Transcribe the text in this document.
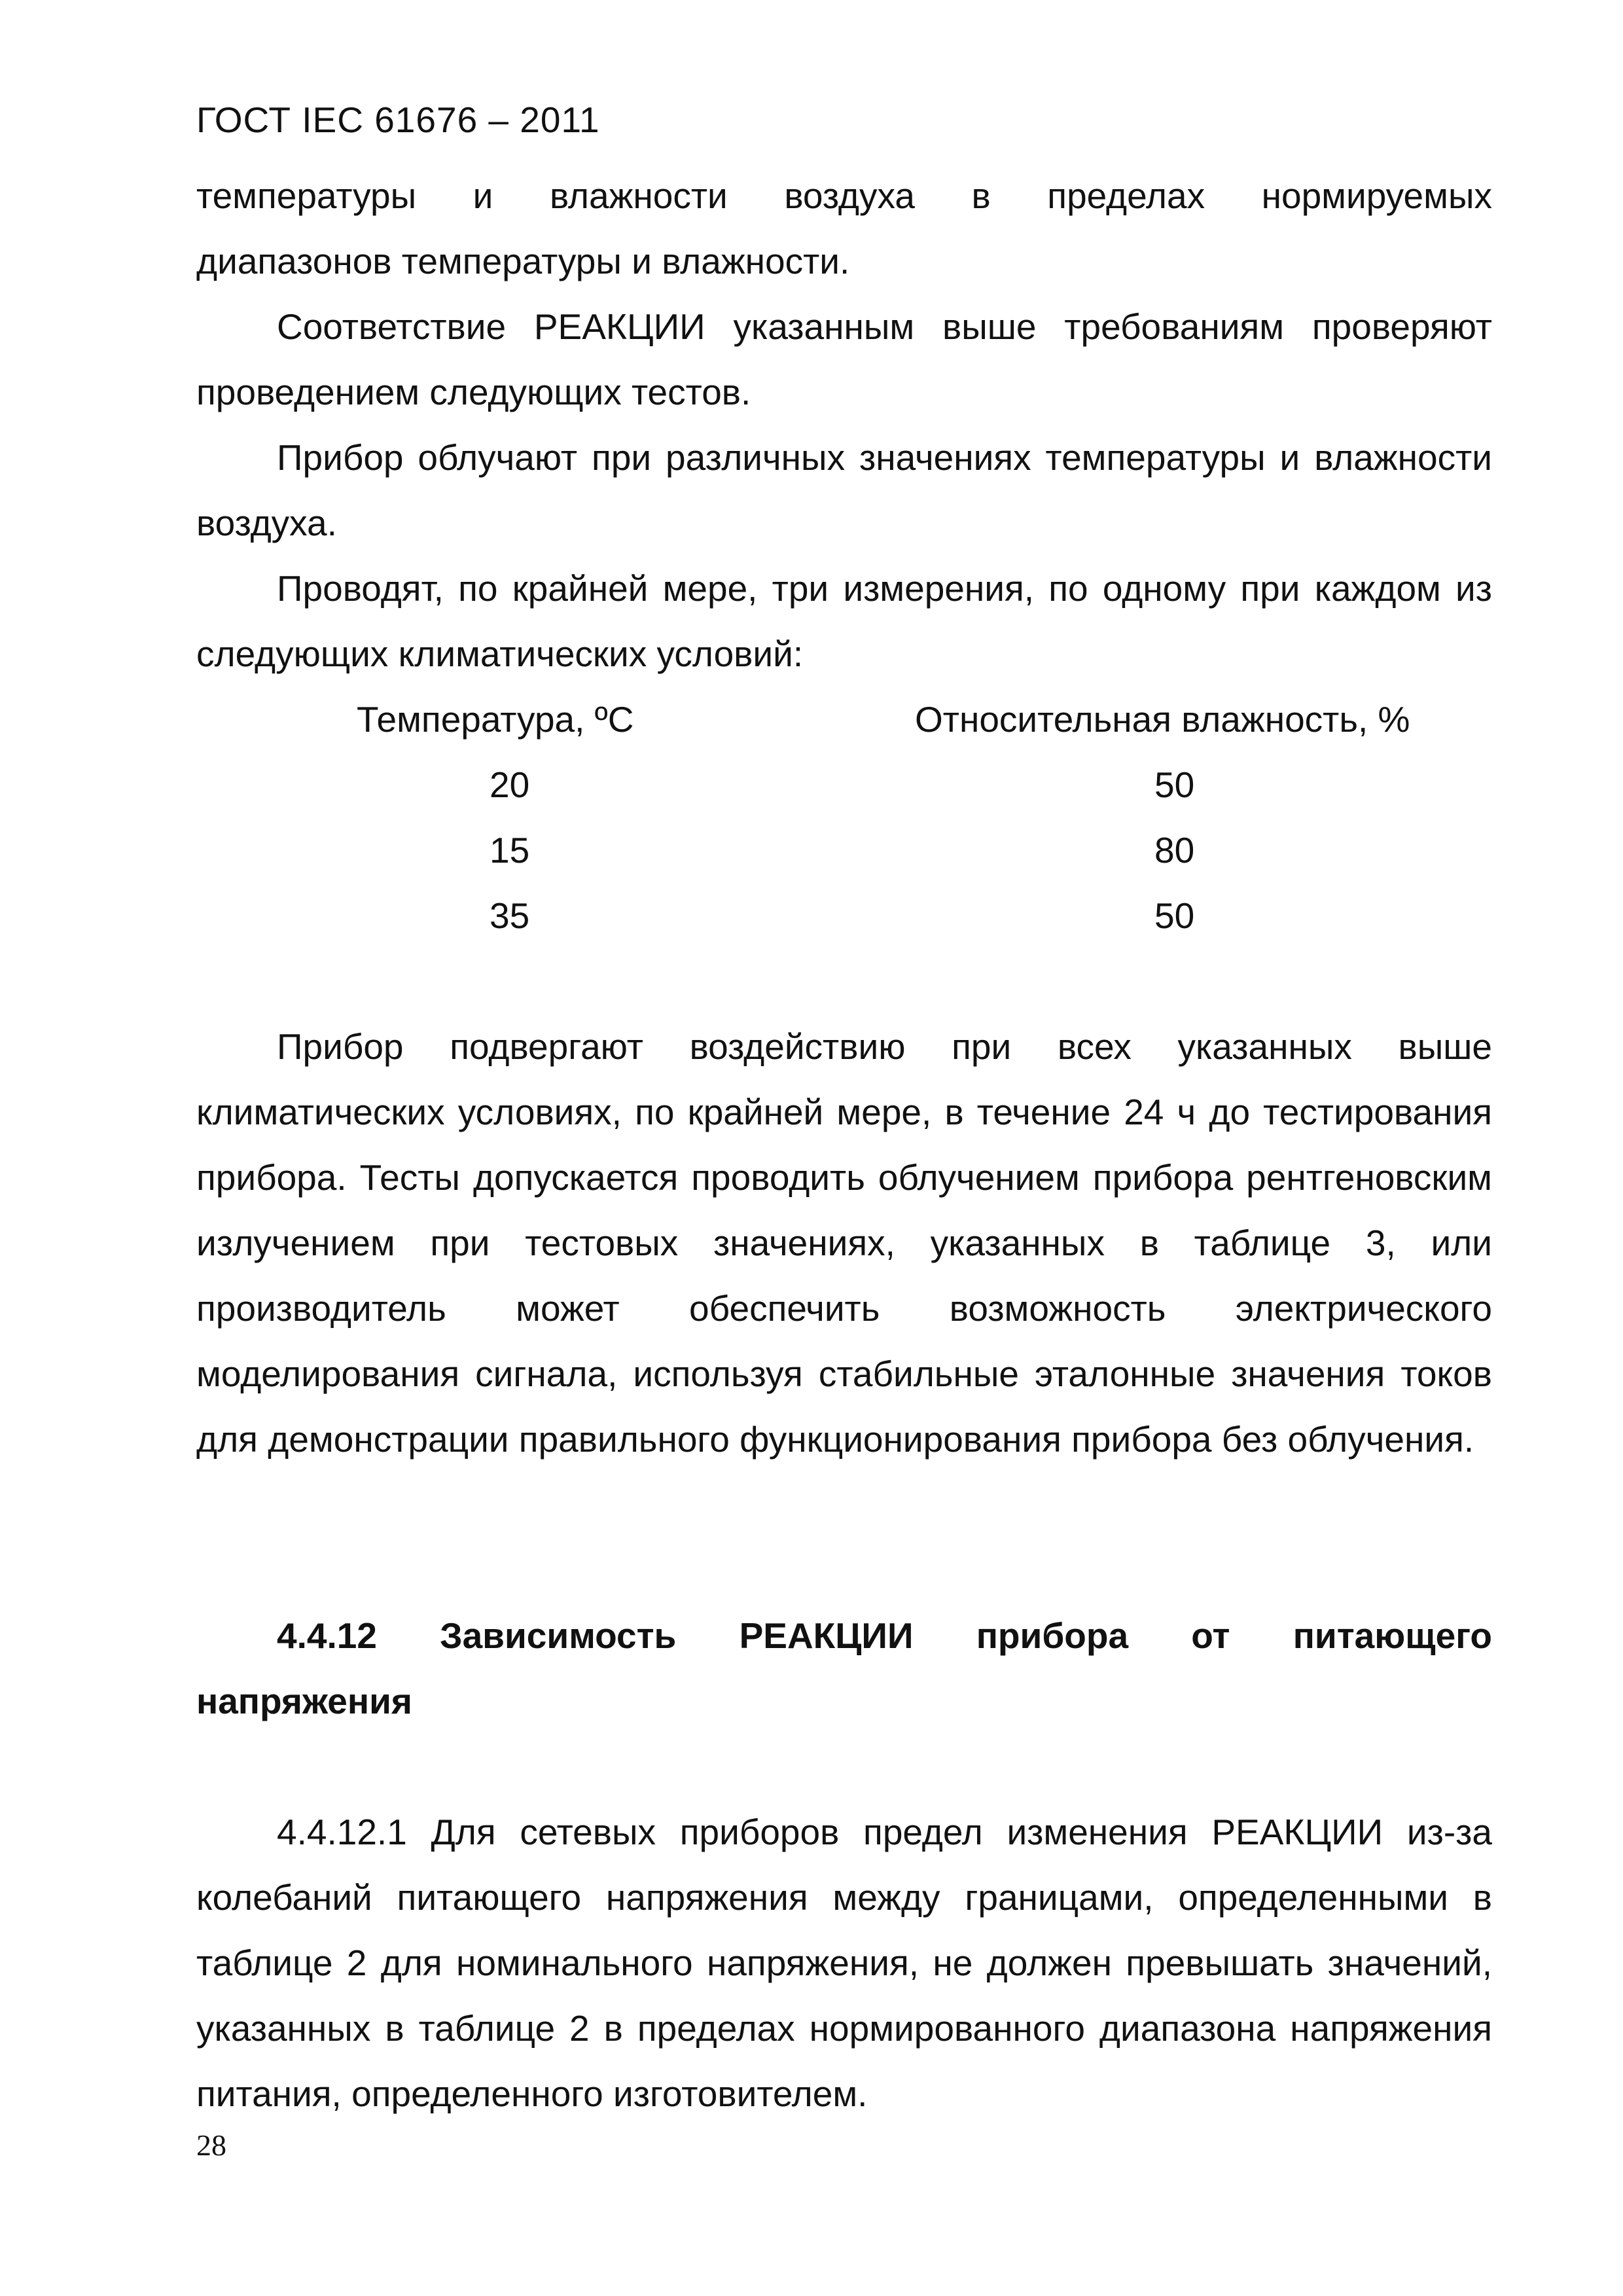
ГОСТ IEC 61676 – 2011

температуры и влажности воздуха в пределах нормируемых

диапазонов температуры и влажности.

Соответствие РЕАКЦИИ указанным выше требованиям проверяют проведением следующих тестов.

Прибор облучают при различных значениях температуры и влажности воздуха.

Проводят, по крайней мере, три измерения, по одному при каждом из следующих климатических условий:

Температура, ºС	Относительная влажность, %
20	50
15	80
35	50

Прибор подвергают воздействию при всех указанных выше климатических условиях, по крайней мере, в течение 24 ч до тестирования прибора. Тесты допускается проводить облучением прибора рентгеновским излучением при тестовых значениях, указанных в таблице 3, или производитель может обеспечить возможность электрического моделирования сигнала, используя стабильные эталонные значения токов для демонстрации правильного функционирования прибора без облучения.

4.4.12 Зависимость РЕАКЦИИ прибора от питающего

напряжения

4.4.12.1 Для сетевых приборов предел изменения РЕАКЦИИ из-за колебаний питающего напряжения между границами, определенными в таблице 2 для номинального напряжения, не должен превышать значений, указанных в таблице 2 в пределах нормированного диапазона напряжения питания, определенного изготовителем.

28
